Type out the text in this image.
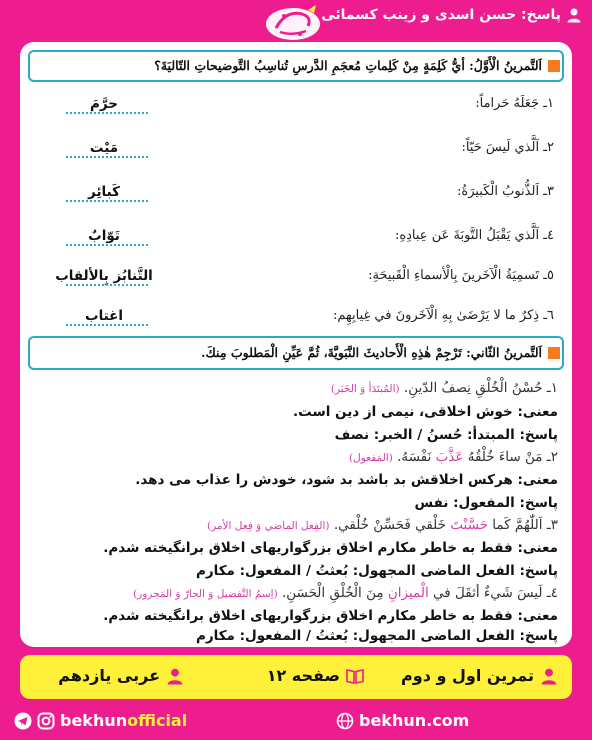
پاسخ: حسن اسدی و زینب کسمائی
اَلتَّمرینُ الْأَوَّلُ: أيُّ كَلِمَةٍ مِنْ كَلِماتِ مُعجَمِ الدَّرسِ تُناسِبُ التَّوضيحاتِ التّاليَةَ؟
١ـ جَعَلَهُ حَراماً:
حرَّمَ
٢ـ اَلَّذي لَيسَ حَيّاً:
مَيْت
٣ـ اَلذُّنوبُ الْكَبيرَةُ:
كَبائِر
٤ـ اَلَّذي يَقْبَلُ التَّوبَةَ عَن عِبادِهِ:
تَوّابٌ
٥ـ تَسمِيَةُ الْآخَرينَ بِالْأسماءِ الْقَبيحَةِ:
التَّنابُز بِالألقاب
٦ـ ذِكرٌ ما لا يَرْضَىٰ بِهِ الْآخَرونَ في غِيابِهِم:
اغتاب
اَلتَّمرينُ الثّاني: تَرْجِمْ هٰذِهِ الْأَحاديثَ النَّبَويَّةَ، ثُمَّ عَيِّنِ الْمَطلوبَ مِنكَ.
١ـ حُسْنُ الْخُلْقِ نِصفُ الدّينِ. (المُبتَدَأ وَ الخَبَر)
معنی: خوش اخلاقی، نیمی از دین است.
پاسخ: المبتدأ: حُسنُ / الخبر: نصف
٢ـ مَنْ ساءَ خُلْقُهُ عَذَّبَ نَفْسَهُ. (المَفعول)
معنی: هرکس اخلاقش بد باشد بد شود، خودش را عذاب می دهد.
پاسخ: المفعول: نفس
٣ـ اَللّٰهُمَّ كَما حَسَّنْتَ خَلْقي فَحَسِّنْ خُلْقي. (الفِعل الماضي وَ فِعل الأمر)
معنی: فقط به خاطر مکارم اخلاق بزرگواریهای اخلاق برانگیخته شدم.
پاسخ: الفعل الماضی المجهول: بُعثتُ / المفعول: مکارم
٤ـ لَيسَ شَيءٌ أثقَلَ في الْميزانِ مِنَ الْخُلْقِ الْحَسَنِ. (اِسمُ التَّفضيل وَ الجارّ وَ المَجرور)
معنی: فقط به خاطر مکارم اخلاق بزرگواریهای اخلاق برانگیخته شدم.
پاسخ: الفعل الماضی المجهول: بُعثتُ / المفعول: مکارم
تمرین اول و دوم
صفحه ۱۲
عربی یازدهم
bekhunofficial	bekhun.com
